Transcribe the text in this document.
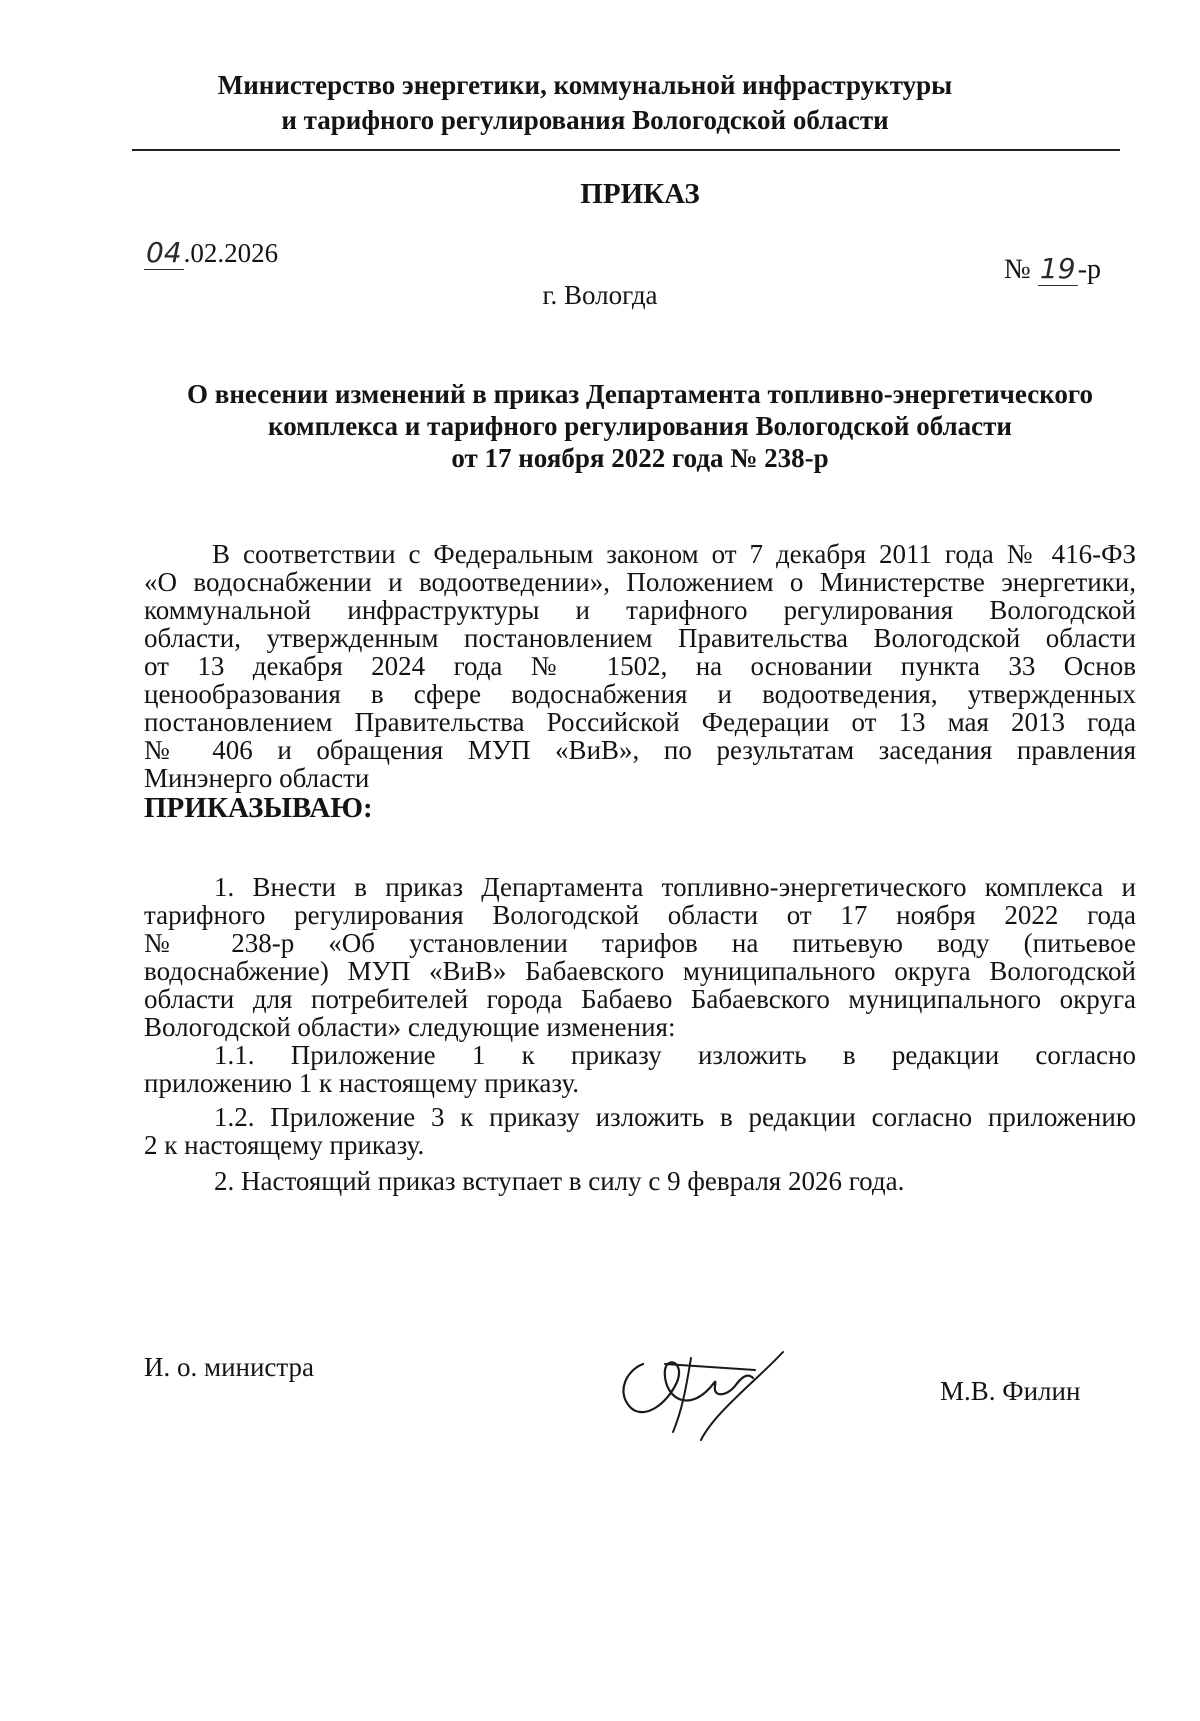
Министерство энергетики, коммунальной инфраструктуры
и тарифного регулирования Вологодской области
ПРИКАЗ
04.02.2026
№ 19-р
г. Вологда
О внесении изменений в приказ Департамента топливно-энергетического
комплекса и тарифного регулирования Вологодской области
от 17 ноября 2022 года № 238-р
В соответствии с Федеральным законом от 7 декабря 2011 года № 416-ФЗ
«О водоснабжении и водоотведении», Положением о Министерстве энергетики,
коммунальной инфраструктуры и тарифного регулирования Вологодской
области, утвержденным постановлением Правительства Вологодской области
от 13 декабря 2024 года № 1502, на основании пункта 33 Основ
ценообразования в сфере водоснабжения и водоотведения, утвержденных
постановлением Правительства Российской Федерации от 13 мая 2013 года
№ 406 и обращения МУП «ВиВ», по результатам заседания правления
Минэнерго области
ПРИКАЗЫВАЮ:
1. Внести в приказ Департамента топливно-энергетического комплекса и
тарифного регулирования Вологодской области от 17 ноября 2022 года
№ 238-р «Об установлении тарифов на питьевую воду (питьевое
водоснабжение) МУП «ВиВ» Бабаевского муниципального округа Вологодской
области для потребителей города Бабаево Бабаевского муниципального округа
Вологодской области» следующие изменения:
1.1. Приложение 1 к приказу изложить в редакции согласно
приложению 1 к настоящему приказу.
1.2. Приложение 3 к приказу изложить в редакции согласно приложению
2 к настоящему приказу.
2. Настоящий приказ вступает в силу с 9 февраля 2026 года.
И. о. министра
М.В. Филин
